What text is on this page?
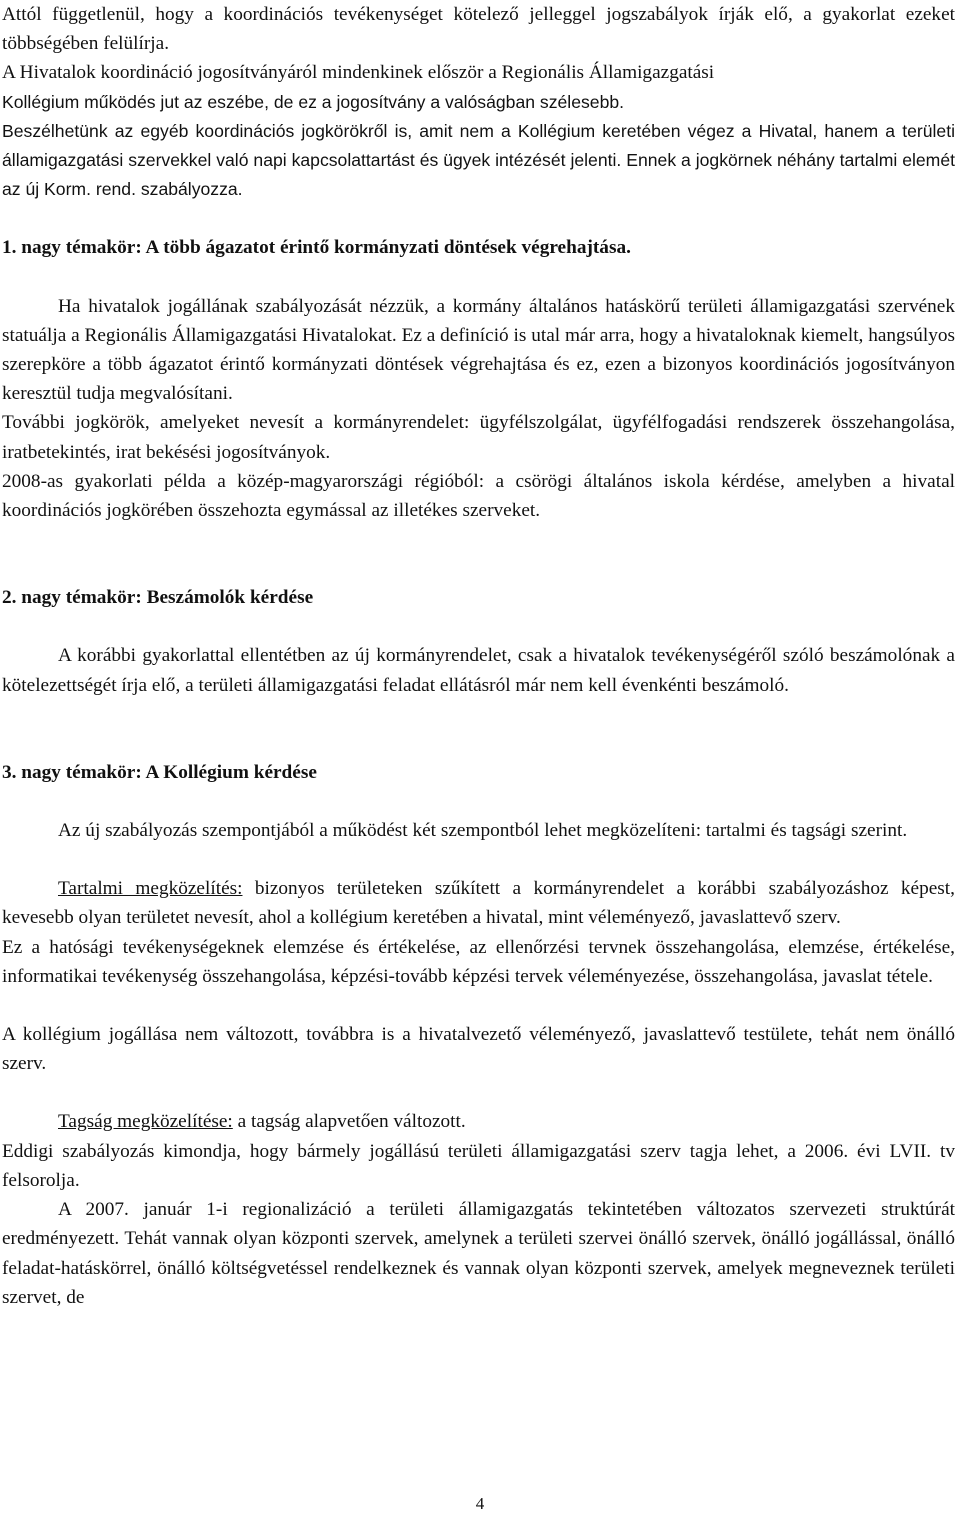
Attól függetlenül, hogy a koordinációs tevékenységet kötelező jelleggel jogszabályok írják elő, a gyakorlat ezeket többségében felülírja.

A Hivatalok koordináció jogosítványáról mindenkinek először a Regionális Államigazgatási
Kollégium működés jut az eszébe, de ez a jogosítvány a valóságban szélesebb.

Beszélhetünk az egyéb koordinációs jogkörökről is, amit nem a Kollégium keretében végez a Hivatal, hanem a területi államigazgatási szervekkel való napi kapcsolattartást és ügyek intézését jelenti. Ennek a jogkörnek néhány tartalmi elemét az új Korm. rend. szabályozza.

1. nagy témakör: A több ágazatot érintő kormányzati döntések végrehajtása.

Ha hivatalok jogállának szabályozását nézzük, a kormány általános hatáskörű területi államigazgatási szervének statuálja a Regionális Államigazgatási Hivatalokat. Ez a definíció is utal már arra, hogy a hivataloknak kiemelt, hangsúlyos szerepköre a több ágazatot érintő kormányzati döntések végrehajtása és ez, ezen a bizonyos koordinációs jogosítványon keresztül tudja megvalósítani.

További jogkörök, amelyeket nevesít a kormányrendelet: ügyfélszolgálat, ügyfélfogadási rendszerek összehangolása, iratbetekintés, irat bekésési jogosítványok.

2008-as gyakorlati példa a közép-magyarországi régióból: a csörögi általános iskola kérdése, amelyben a hivatal koordinációs jogkörében összehozta egymással az illetékes szerveket.

2. nagy témakör: Beszámolók kérdése

A korábbi gyakorlattal ellentétben az új kormányrendelet, csak a hivatalok tevékenységéről szóló beszámolónak a kötelezettségét írja elő, a területi államigazgatási feladat ellátásról már nem kell évenkénti beszámoló.

3. nagy témakör: A Kollégium kérdése

Az új szabályozás szempontjából a működést két szempontból lehet megközelíteni: tartalmi és tagsági szerint.

Tartalmi megközelítés: bizonyos területeken szűkített a kormányrendelet a korábbi szabályozáshoz képest, kevesebb olyan területet nevesít, ahol a kollégium keretében a hivatal, mint véleményező, javaslattevő szerv.

Ez a hatósági tevékenységeknek elemzése és értékelése, az ellenőrzési tervnek összehangolása, elemzése, értékelése, informatikai tevékenység összehangolása, képzési-tovább képzési tervek véleményezése, összehangolása, javaslat tétele.

A kollégium jogállása nem változott, továbbra is a hivatalvezető véleményező, javaslattevő testülete, tehát nem önálló szerv.

Tagság megközelítése: a tagság alapvetően változott.

Eddigi szabályozás kimondja, hogy bármely jogállású területi államigazgatási szerv tagja lehet, a 2006. évi LVII. tv felsorolja.

A 2007. január 1-i regionalizáció a területi államigazgatás tekintetében változatos szervezeti struktúrát eredményezett. Tehát vannak olyan központi szervek, amelynek a területi szervei önálló szervek, önálló jogállással, önálló feladat-hatáskörrel, önálló költségvetéssel rendelkeznek és vannak olyan központi szervek, amelyek megneveznek területi szervet, de

4
